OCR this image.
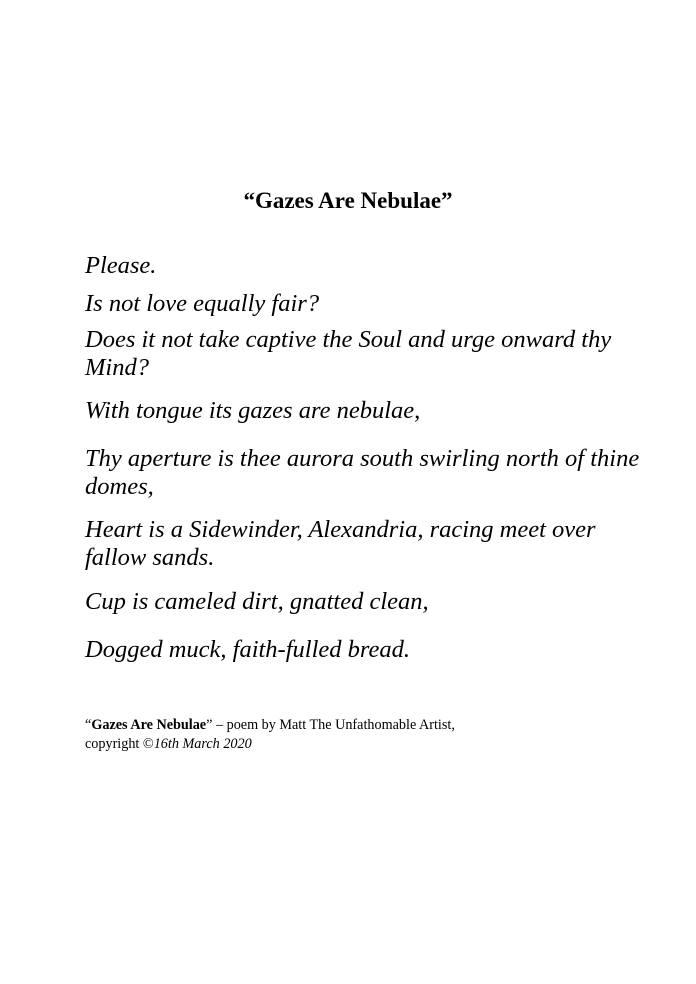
“Gazes Are Nebulae”

Please.

Is not love equally fair?

Does it not take captive the Soul and urge onward thy Mind?

With tongue its gazes are nebulae,

Thy aperture is thee aurora south swirling north of thine domes,

Heart is a Sidewinder, Alexandria, racing meet over fallow sands.

Cup is cameled dirt, gnatted clean,

Dogged muck, faith-fulled bread.

“Gazes Are Nebulae” – poem by Matt The Unfathomable Artist,
copyright ©16th March 2020
